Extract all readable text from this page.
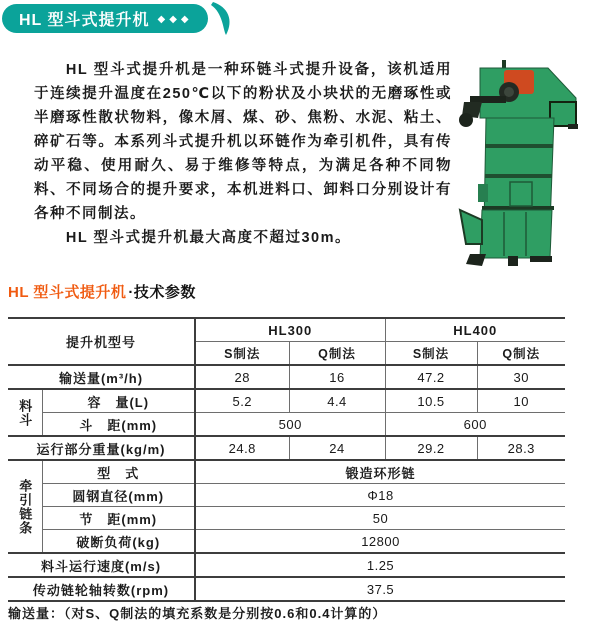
HL 型斗式提升机 ◆◆◆

HL 型斗式提升机是一种环链斗式提升设备，该机适用于连续提升温度在250℃以下的粉状及小块状的无磨琢性或半磨琢性散状物料，像木屑、煤、砂、焦粉、水泥、粘土、碎矿石等。本系列斗式提升机以环链作为牵引机件，具有传动平稳、使用耐久、易于维修等特点，为满足各种不同物料、不同场合的提升要求，本机进料口、卸料口分别设计有各种不同制法。

HL 型斗式提升机最大高度不超过30m。

HL 型斗式提升机 ·技术参数
提升机型号		HL300		HL400	
		S制法	Q制法	S制法	Q制法
输送量(m³/h)		28	16	47.2	30
料斗	容　量(L)	5.2	4.4	10.5	10
	斗　距(mm)	500		600	
运行部分重量(kg/m)		24.8	24	29.2	28.3
牵引链条	型　式	锻造环形链			
	圆钢直径(mm)	Φ18			
	节　距(mm)	50			
	破断负荷(kg)	12800			
料斗运行速度(m/s)		1.25			
传动链轮轴转数(rpm)		37.5			
输送量：（对S、Q制法的填充系数是分别按0.6和0.4计算的）
